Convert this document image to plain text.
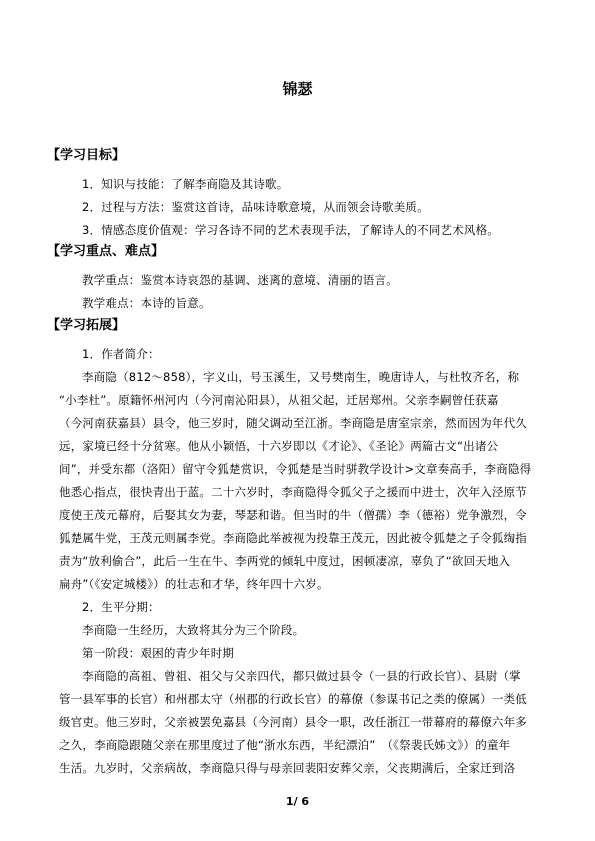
锦瑟
【学习目标】
1．知识与技能：了解李商隐及其诗歌。
2．过程与方法：鉴赏这首诗，品味诗歌意境，从而领会诗歌美质。
3．情感态度价值观：学习各诗不同的艺术表现手法，了解诗人的不同艺术风格。
【学习重点、难点】
教学重点：鉴赏本诗哀怨的基调、迷离的意境、清丽的语言。
教学难点：本诗的旨意。
【学习拓展】
1．作者简介：
李商隐（812～858），字义山，号玉溪生，又号樊南生，晚唐诗人，与杜牧齐名，称
“小李杜”。原籍怀州河内（今河南沁阳县），从祖父起，迁居郑州。父亲李嗣曾任获嘉
（今河南获嘉县）县令，他三岁时，随父调动至江浙。李商隐是唐室宗亲，然而因为年代久
远，家境已经十分贫寒。他从小颖悟，十六岁即以《才论》、《圣论》两篇古文“出诸公
间”，并受东都（洛阳）留守令狐楚赏识，令狐楚是当时骈教学设计>文章奏高手，李商隐得
他悉心指点，很快青出于蓝。二十六岁时，李商隐得令狐父子之援而中进士，次年入泾原节
度使王茂元幕府，后娶其女为妻，琴瑟和谐。但当时的牛（僧孺）李（德裕）党争激烈，令
狐楚属牛党，王茂元则属李党。李商隐此举被视为投靠王茂元，因此被令狐楚之子令狐绹指
责为“放利偷合”，此后一生在牛、李两党的倾轧中度过，困顿凄凉，辜负了“欲回天地入
扁舟”（《安定城楼》）的壮志和才华，终年四十六岁。
2．生平分期：
李商隐一生经历，大致将其分为三个阶段。
第一阶段：艰困的青少年时期
李商隐的高祖、曾祖、祖父与父亲四代，都只做过县令（一县的行政长官）、县尉（掌
管一县军事的长官）和州郡太守（州郡的行政长官）的幕僚（参谋书记之类的僚属）一类低
级官吏。他三岁时，父亲被罢免嘉县（今河南）县令一职，改任浙江一带幕府的幕僚六年多
之久，李商隐跟随父亲在那里度过了他“浙水东西，半纪漂泊”　（《祭裴氏姊文》）的童年
生活。九岁时，父亲病故，李商隐只得与母亲回裴阳安葬父亲，父丧期满后，全家迁到洛
1/ 6
